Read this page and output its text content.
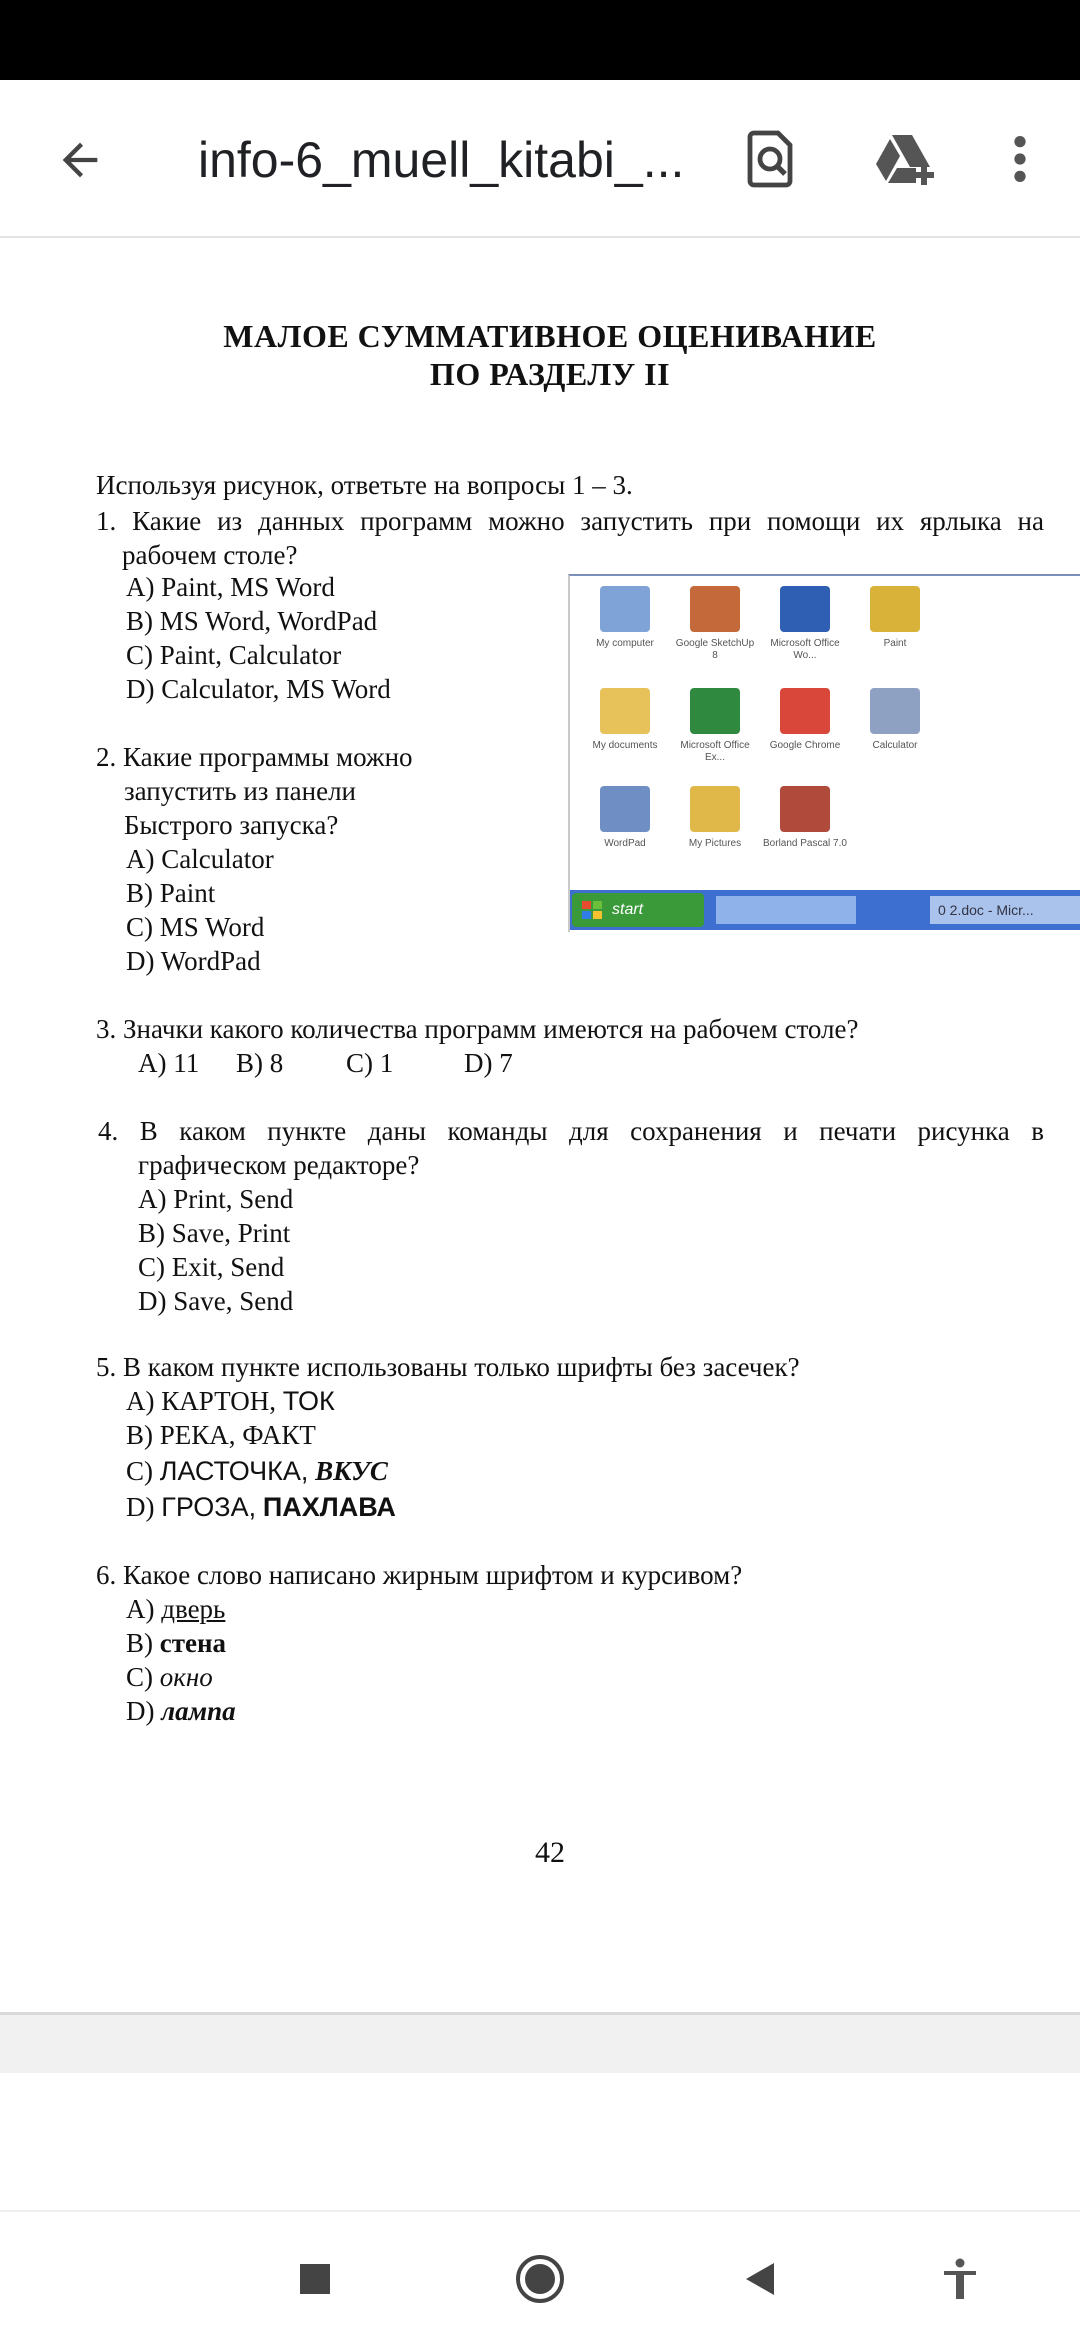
info-6_muell_kitabi_...
МАЛОЕ СУММАТИВНОЕ ОЦЕНИВАНИЕ
ПО РАЗДЕЛУ II
Используя рисунок, ответьте на вопросы 1 – 3.
1. Какие из данных программ можно запустить при помощи их ярлыка на
рабочем столе?
A) Paint, MS Word
B) MS Word, WordPad
C) Paint, Calculator
D) Calculator, MS Word
My computer	Google SketchUp 8
Microsoft Office Wo...
Paint
My documents	Microsoft Office Ex...
Google Chrome	Calculator
WordPad	My Pictures	Borland Pascal 7.0
start	0 2.doc - Micr...
2. Какие программы можно
запустить из панели
Быстрого запуска?
A) Calculator
B) Paint
C) MS Word
D) WordPad
3. Значки какого количества программ имеются на рабочем столе?
A) 11 B) 8 C) 1	D) 7
4. В каком пункте даны команды для сохранения и печати рисунка в
графическом редакторе?
A) Print, Send
B) Save, Print
C) Exit, Send
D) Save, Send
5. В каком пункте использованы только шрифты без засечек?
A) КАРТОН, ТОК
B) РЕКА, ФАКТ
C) ЛАСТОЧКА, ВКУС
D) ГРОЗА, ПАХЛАВА
6. Какое слово написано жирным шрифтом и курсивом?
A) дверь
B) стена
C) окно
D) лампа
42
